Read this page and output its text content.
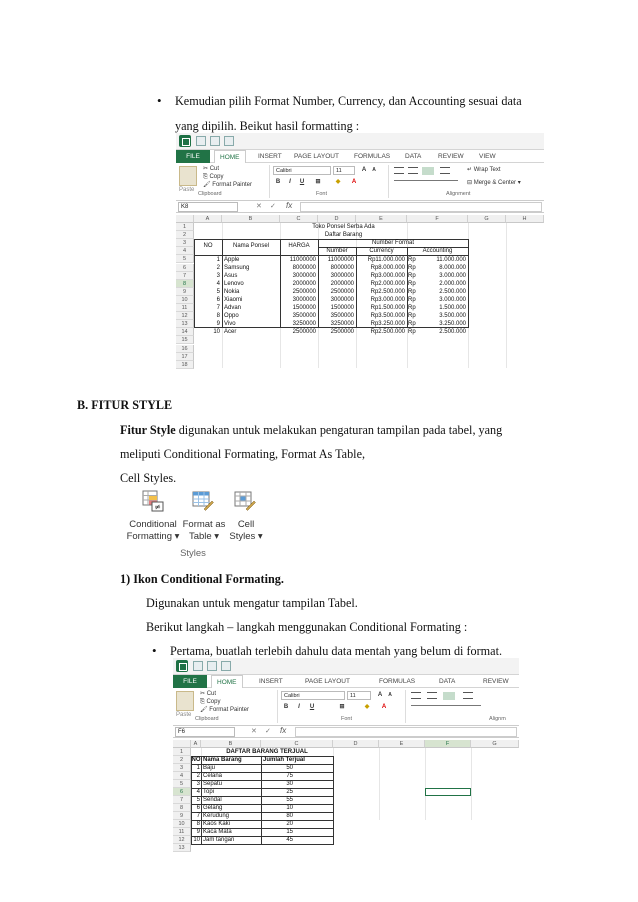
• Kemudian pilih Format Number, Currency, dan Accounting sesuai data
yang dipilih. Beikut hasil formatting :
FILE	HOME	INSERT PAGE LAYOUT FORMULAS DATA	REVIEW VIEW
Paste
✂ Cut
⎘ Copy
🖌 Format Painter
Clipboard
Calibri	11	A	A
B	I	U	⊞	◆	A
Font
↵ Wrap Text
⊟ Merge & Center ▾
Alignment
K8	✕ ✓ fx
A	B	C	D	E	F	G	H
1
2
3
4
5
6
7
8
9
10
11
12
13
14
15
16
17
18
Toko Ponsel Serba Ada
Daftar Barang
NO	Nama Ponsel	HARGA	Number Format
Number	Currency	Accounting
1 Apple	11000000	11000000	Rp11.000.000 Rp	11.000.000
2 Samsung	8000000	8000000	Rp8.000.000 Rp	8.000.000
3 Asus	3000000	3000000	Rp3.000.000 Rp	3.000.000
4 Lenovo	2000000	2000000	Rp2.000.000 Rp	2.000.000
5 Nokia	2500000	2500000	Rp2.500.000 Rp	2.500.000
6 Xiaomi	3000000	3000000	Rp3.000.000 Rp	3.000.000
7 Advan	1500000	1500000	Rp1.500.000 Rp	1.500.000
8 Oppo	3500000	3500000	Rp3.500.000 Rp	3.500.000
9 Vivo	3250000	3250000	Rp3.250.000 Rp	3.250.000
10 Acer	2500000	2500000	Rp2.500.000 Rp	2.500.000
B. FITUR STYLE
Fitur Style digunakan untuk melakukan pengaturan tampilan pada tabel, yang
meliputi Conditional Formating, Format As Table,
Cell Styles.
≠
Conditional
Formatting ▾
Format as
Table ▾
Cell
Styles ▾
Styles
1) Ikon Conditional Formating.
Digunakan untuk mengatur tampilan Tabel.
Berikut langkah – langkah menggunakan Conditional Formating :
• Pertama, buatlah terlebih dahulu data mentah yang belum di format.
FILE	HOME	INSERT	PAGE LAYOUT	FORMULAS	DATA	REVIEW
Paste
✂ Cut
⎘ Copy
🖌 Format Painter
Clipboard
Calibri	11	A	A
B	I	U	⊞	◆	A
Font	Alignm
F6	✕ ✓ fx
A	B	C	D	E	F	G
1
2
3
4
5
6
7
8
9
10
11
12
13
DAFTAR BARANG TERJUAL
NO Nama Barang	Jumlah Terjual
1 Baju	50
2 Celana	75
3 Sepatu	30
4 Topi	25
5 Sendal	55
6 Gelang	10
7 Kerudung	80
8 Kaos Kaki	20
9 Kaca Mata	15
10 Jam tangan	45
